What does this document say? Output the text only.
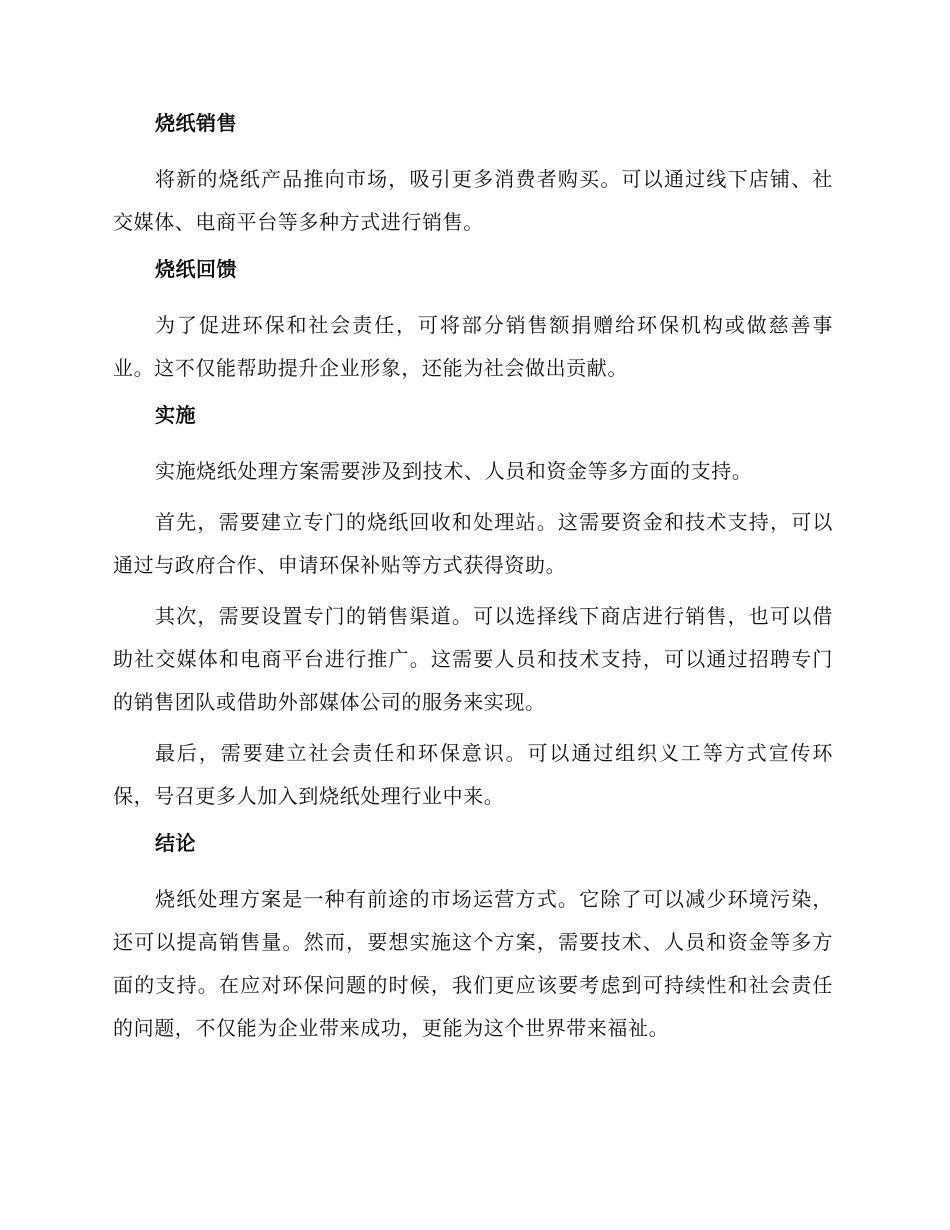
烧纸销售

将新的烧纸产品推向市场，吸引更多消费者购买。可以通过线下店铺、社交媒体、电商平台等多种方式进行销售。

烧纸回馈

为了促进环保和社会责任，可将部分销售额捐赠给环保机构或做慈善事业。这不仅能帮助提升企业形象，还能为社会做出贡献。

实施

实施烧纸处理方案需要涉及到技术、人员和资金等多方面的支持。

首先，需要建立专门的烧纸回收和处理站。这需要资金和技术支持，可以通过与政府合作、申请环保补贴等方式获得资助。

其次，需要设置专门的销售渠道。可以选择线下商店进行销售，也可以借助社交媒体和电商平台进行推广。这需要人员和技术支持，可以通过招聘专门的销售团队或借助外部媒体公司的服务来实现。

最后，需要建立社会责任和环保意识。可以通过组织义工等方式宣传环保，号召更多人加入到烧纸处理行业中来。

结论

烧纸处理方案是一种有前途的市场运营方式。它除了可以减少环境污染，还可以提高销售量。然而，要想实施这个方案，需要技术、人员和资金等多方面的支持。在应对环保问题的时候，我们更应该要考虑到可持续性和社会责任的问题，不仅能为企业带来成功，更能为这个世界带来福祉。
